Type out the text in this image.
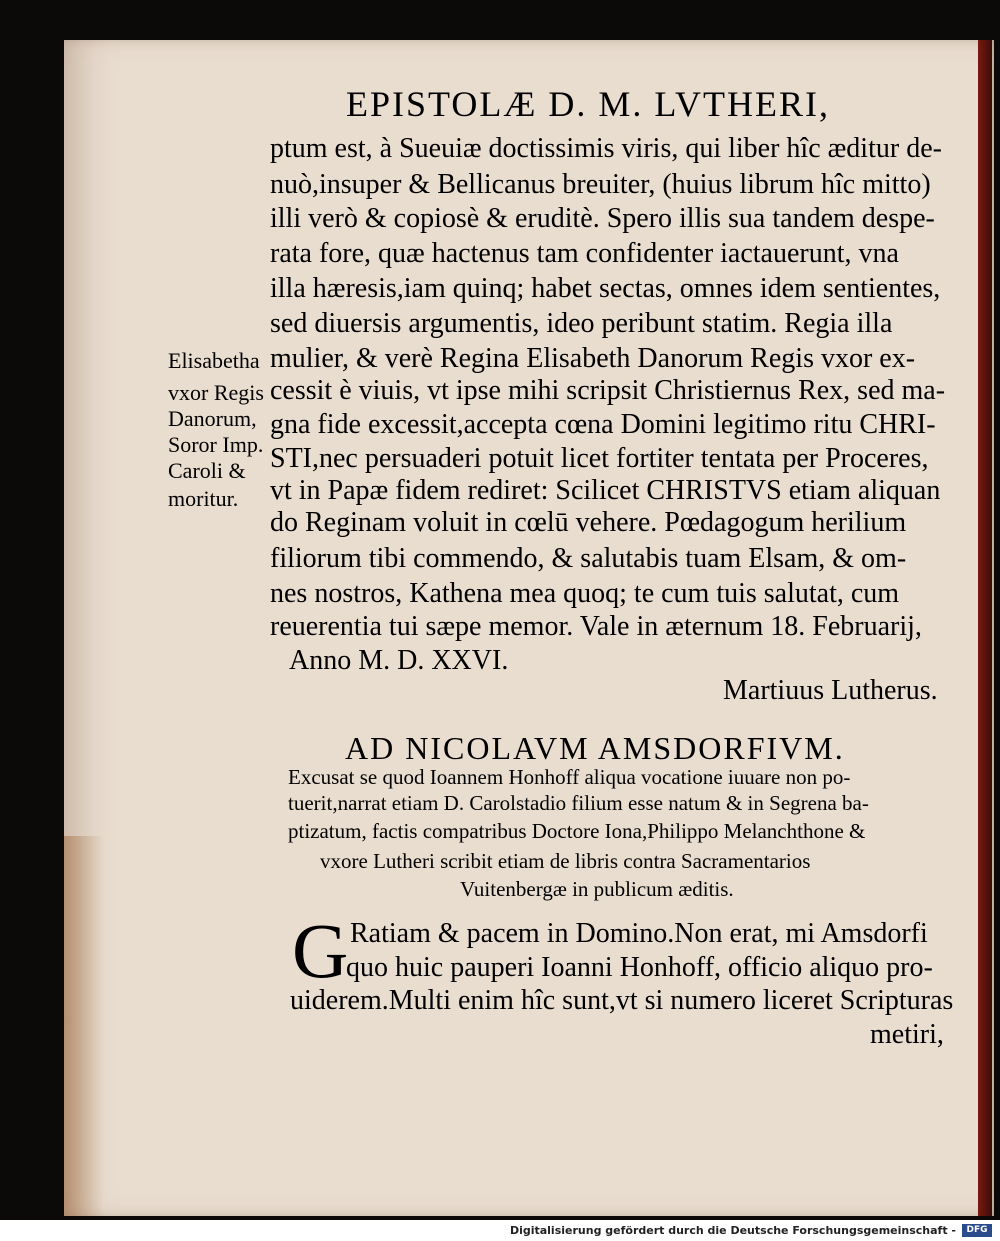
EPISTOLÆ D. M. LVTHERI,
ptum est, à Sueuiæ doctissimis viris, qui liber hîc æditur de-
nuò,insuper & Bellicanus breuiter, (huius librum hîc mitto)
illi verò & copiosè & eruditè. Spero illis sua tandem despe-
rata fore, quæ hactenus tam confidenter iactauerunt, vna
illa hæresis,iam quinq; habet sectas, omnes idem sentientes,
sed diuersis argumentis, ideo peribunt statim. Regia illa
mulier, & verè Regina Elisabeth Danorum Regis vxor ex-
cessit è viuis, vt ipse mihi scripsit Christiernus Rex, sed ma-
gna fide excessit,accepta cœna Domini legitimo ritu CHRI-
STI,nec persuaderi potuit licet fortiter tentata per Proceres,
vt in Papæ fidem rediret: Scilicet CHRISTVS etiam aliquan
do Reginam voluit in cœlū vehere. Pœdagogum herilium
filiorum tibi commendo, & salutabis tuam Elsam, & om-
nes nostros, Kathena mea quoq; te cum tuis salutat, cum
reuerentia tui sæpe memor. Vale in æternum 18. Februarij,
Anno M. D. XXVI.
Elisabetha
vxor Regis
Danorum,
Soror Imp.
Caroli &
moritur.
Martiuus Lutherus.
AD NICOLAVM AMSDORFIVM.
Excusat se quod Ioannem Honhoff aliqua vocatione iuuare non po-
tuerit,narrat etiam D. Carolstadio filium esse natum & in Segrena ba-
ptizatum, factis compatribus Doctore Iona,Philippo Melanchthone &
vxore Lutheri scribit etiam de libris contra Sacramentarios
Vuitenbergæ in publicum æditis.
G Ratiam & pacem in Domino.Non erat, mi Amsdorfi
quo huic pauperi Ioanni Honhoff, officio aliquo pro-
uiderem.Multi enim hîc sunt,vt si numero liceret Scripturas
metiri,
Digitalisierung gefördert durch die Deutsche Forschungsgemeinschaft -	DFG
